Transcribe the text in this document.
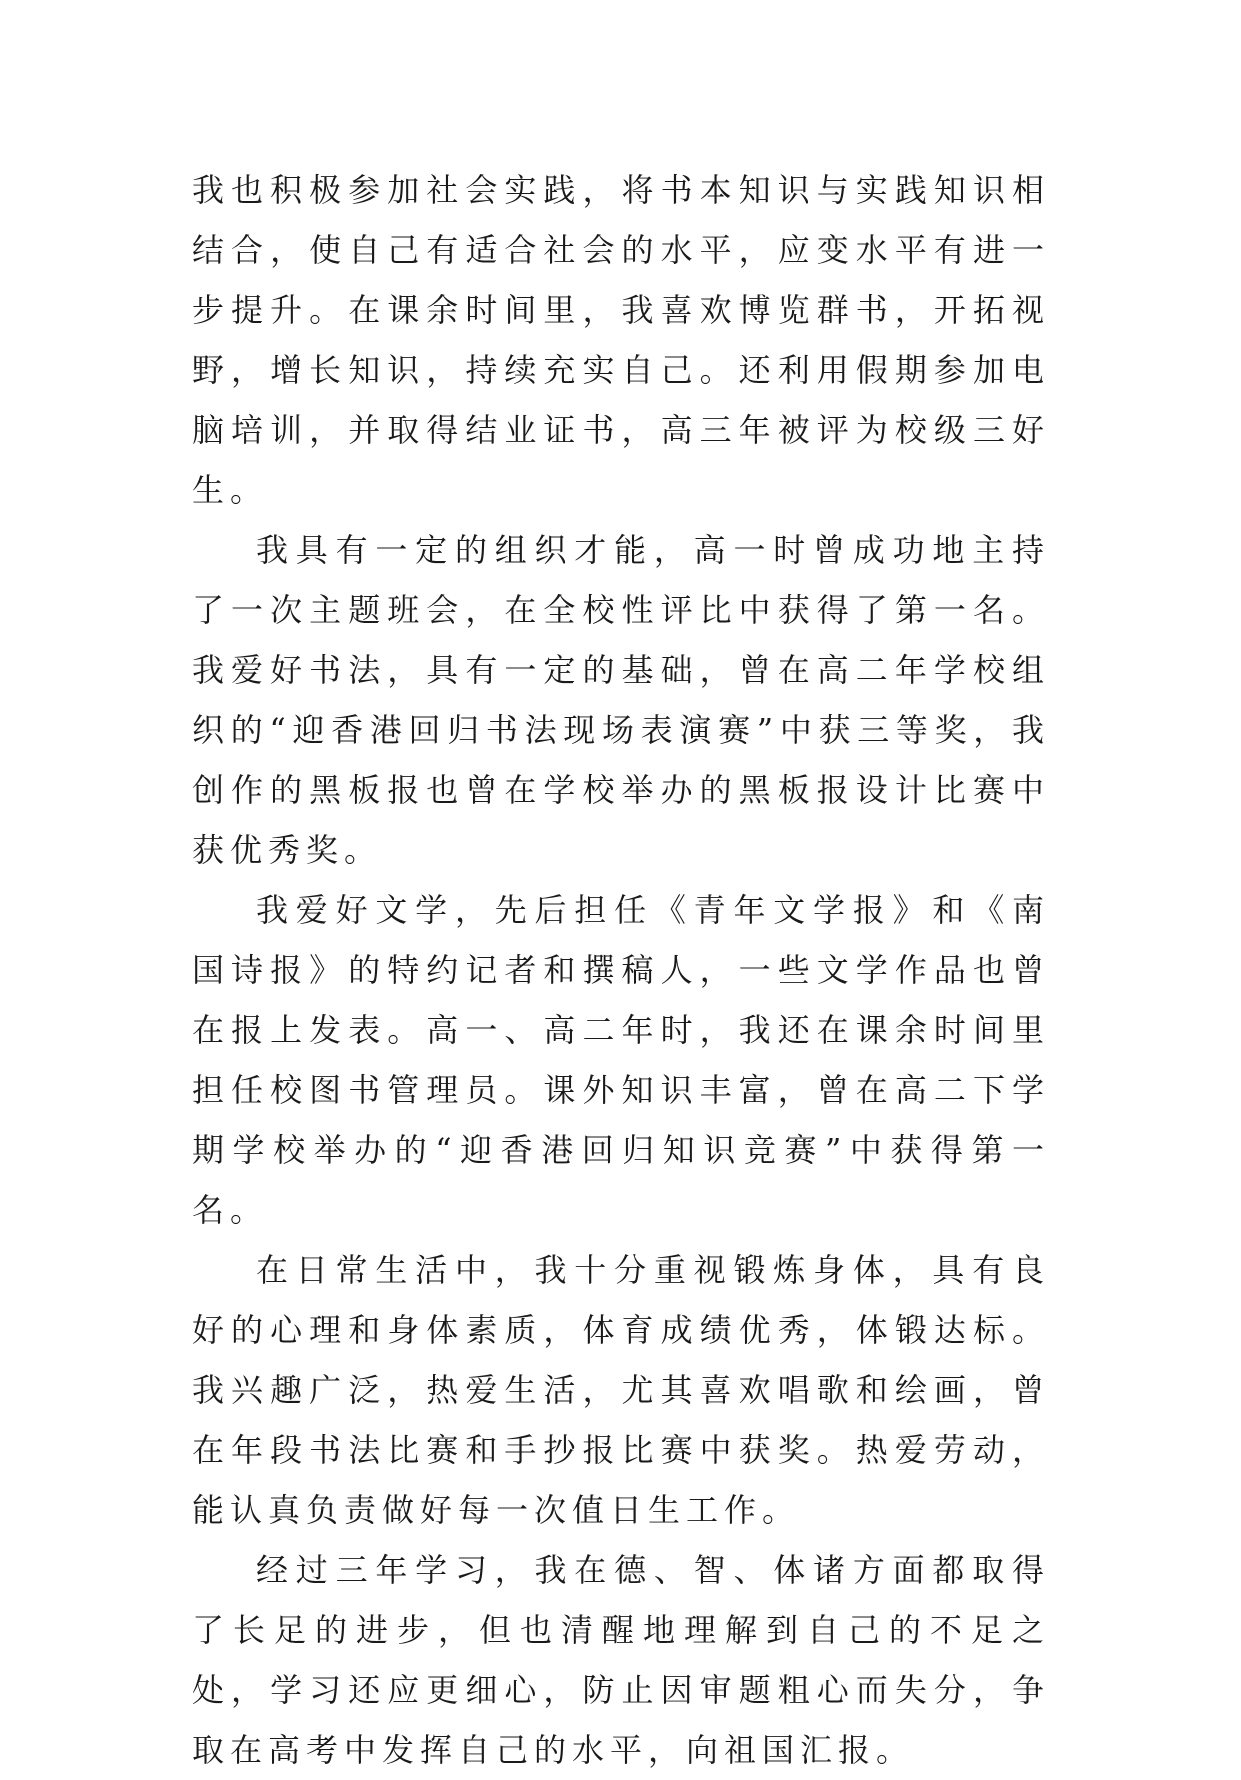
我也积极参加社会实践，将书本知识与实践知识相结合，使自己有适合社会的水平，应变水平有进一步提升。在课余时间里，我喜欢博览群书，开拓视野，增长知识，持续充实自己。还利用假期参加电脑培训，并取得结业证书，高三年被评为校级三好生。

我具有一定的组织才能，高一时曾成功地主持了一次主题班会，在全校性评比中获得了第一名。我爱好书法，具有一定的基础，曾在高二年学校组织的“迎香港回归书法现场表演赛”中获三等奖，我创作的黑板报也曾在学校举办的黑板报设计比赛中获优秀奖。

我爱好文学，先后担任《青年文学报》和《南国诗报》的特约记者和撰稿人，一些文学作品也曾在报上发表。高一、高二年时，我还在课余时间里担任校图书管理员。课外知识丰富，曾在高二下学期学校举办的“迎香港回归知识竞赛”中获得第一名。

在日常生活中，我十分重视锻炼身体，具有良好的心理和身体素质，体育成绩优秀，体锻达标。我兴趣广泛，热爱生活，尤其喜欢唱歌和绘画，曾在年段书法比赛和手抄报比赛中获奖。热爱劳动，能认真负责做好每一次值日生工作。

经过三年学习，我在德、智、体诸方面都取得了长足的进步，但也清醒地理解到自己的不足之处，学习还应更细心，防止因审题粗心而失分，争取在高考中发挥自己的水平，向祖国汇报。
